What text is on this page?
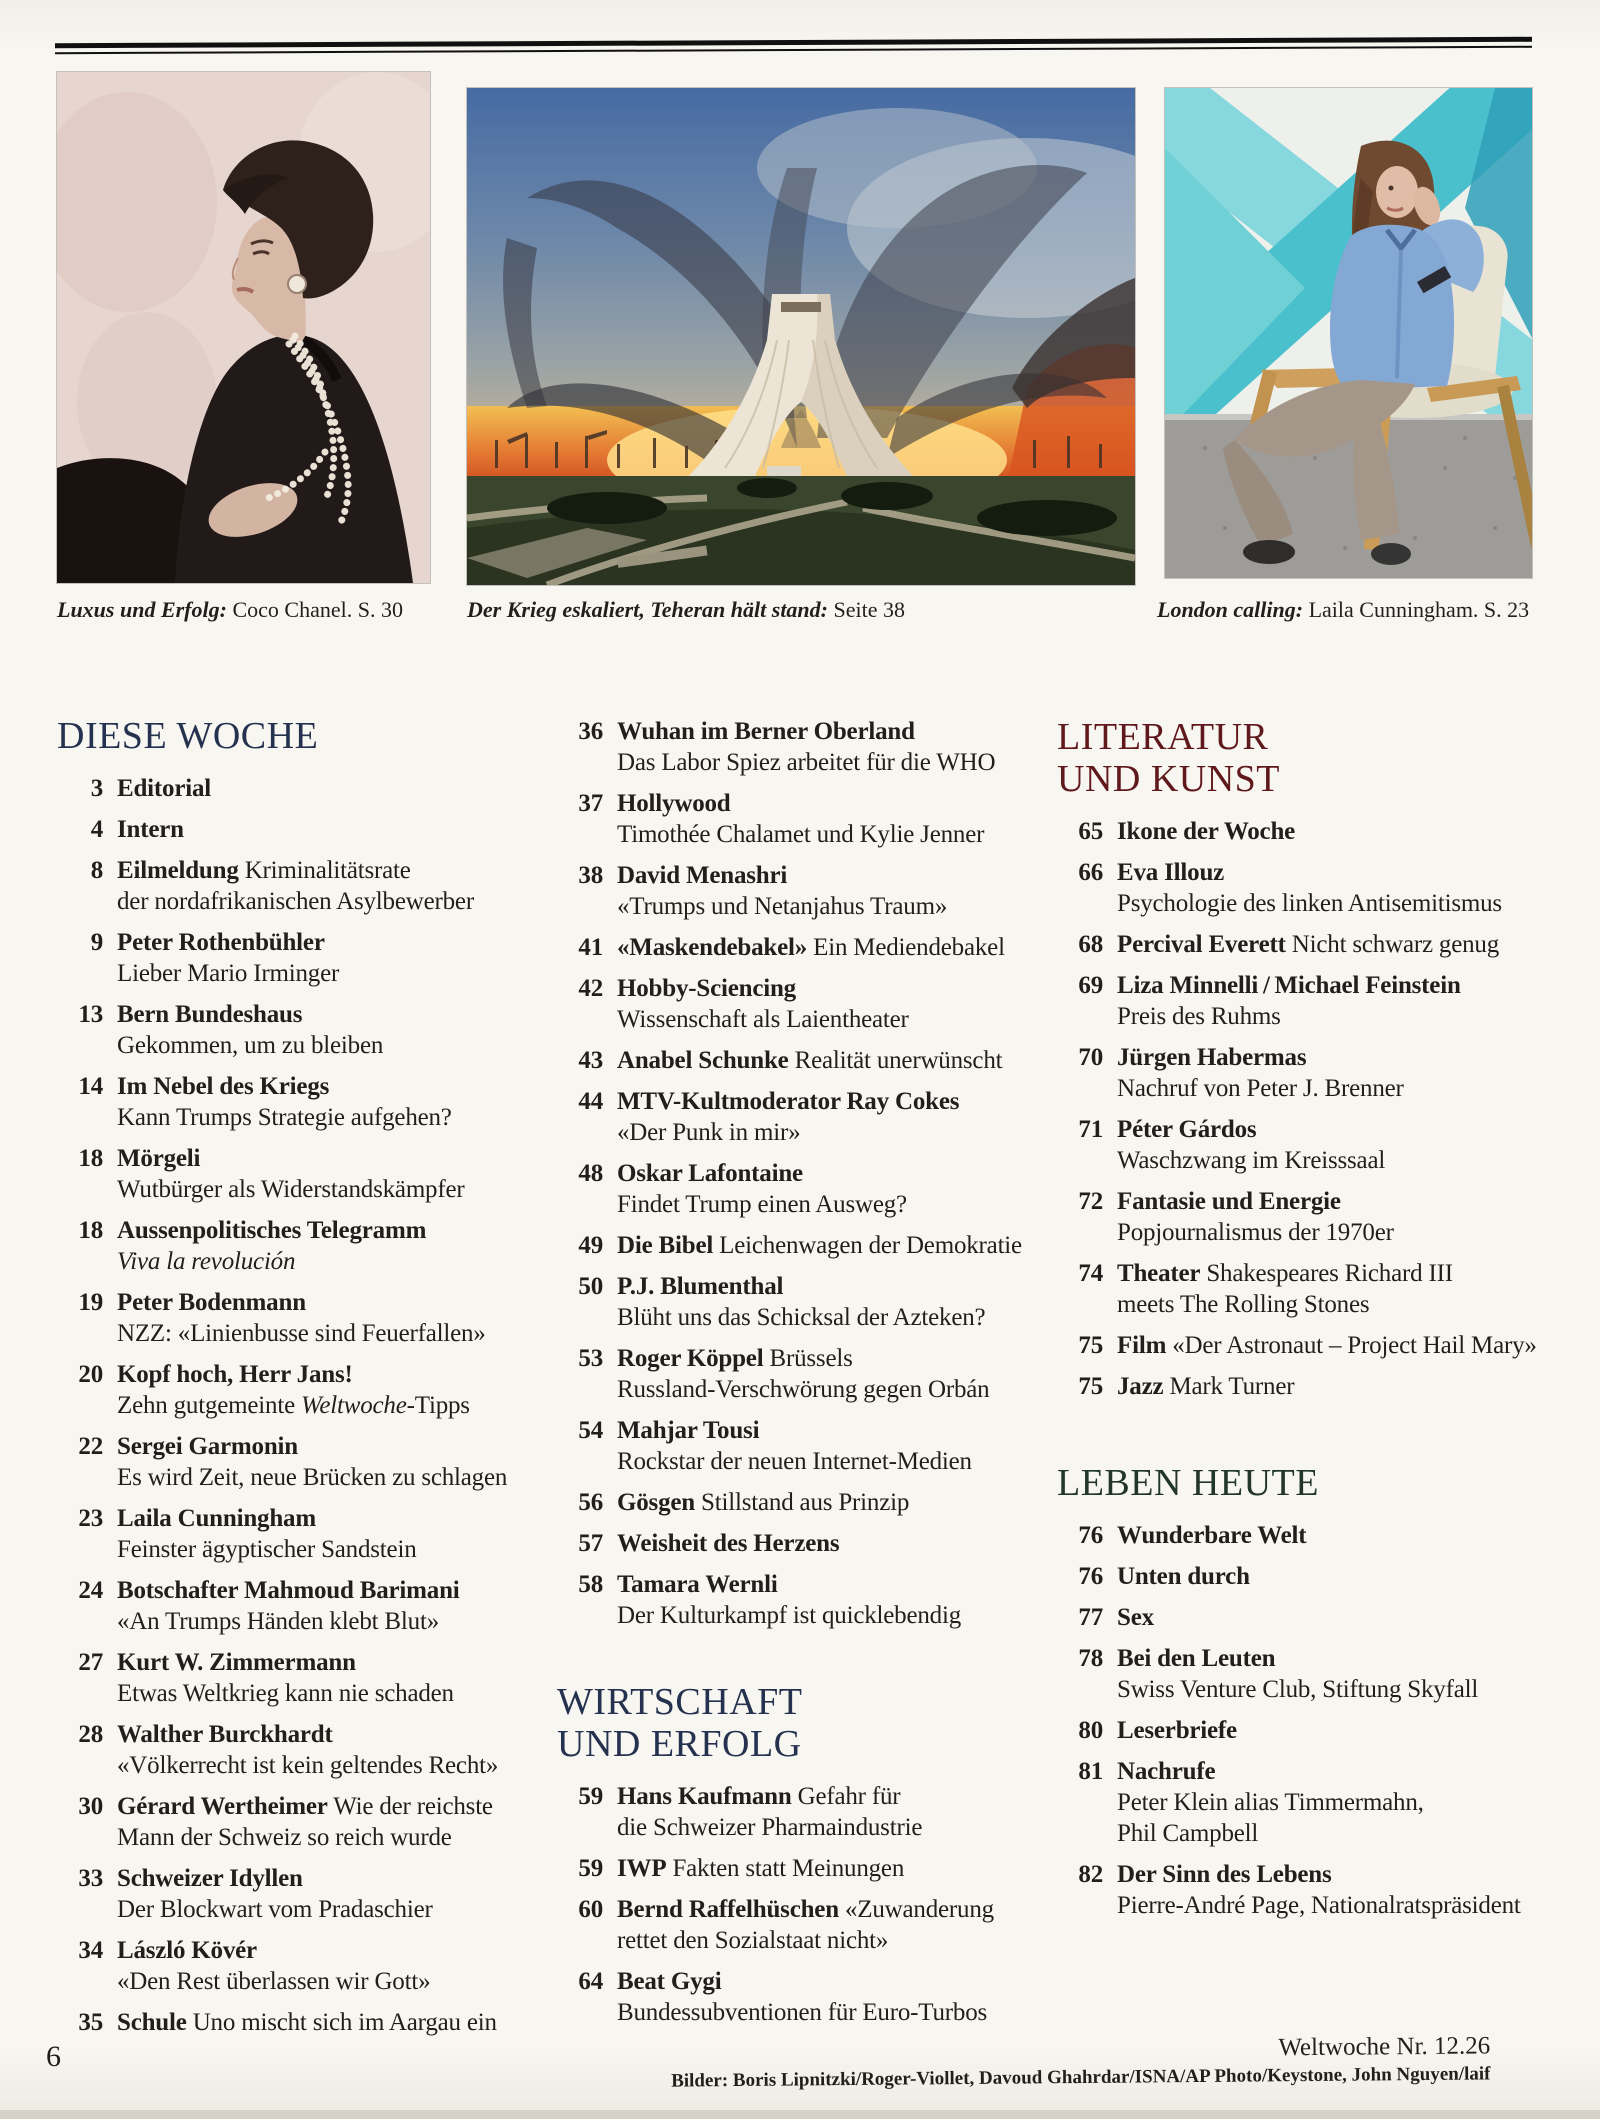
Luxus und Erfolg: Coco Chanel. S. 30	Der Krieg eskaliert, Teheran hält stand: Seite 38	London calling: Laila Cunningham. S. 23
DIESE WOCHE
3 Editorial
4 Intern
8 Eilmeldung Kriminalitätsrate
der nordafrikanischen Asylbewerber
9 Peter Rothenbühler
Lieber Mario Irminger
13 Bern Bundeshaus
Gekommen, um zu bleiben
14 Im Nebel des Kriegs
Kann Trumps Strategie aufgehen?
18 Mörgeli
Wutbürger als Widerstandskämpfer
18 Aussenpolitisches Telegramm
Viva la revolución
19 Peter Bodenmann
NZZ: «Linienbusse sind Feuerfallen»
20 Kopf hoch, Herr Jans!
Zehn gutgemeinte Weltwoche-Tipps
22 Sergei Garmonin
Es wird Zeit, neue Brücken zu schlagen
23 Laila Cunningham
Feinster ägyptischer Sandstein
24 Botschafter Mahmoud Barimani
«An Trumps Händen klebt Blut»
27 Kurt W. Zimmermann
Etwas Weltkrieg kann nie schaden
28 Walther Burckhardt
«Völkerrecht ist kein geltendes Recht»
30 Gérard Wertheimer Wie der reichste
Mann der Schweiz so reich wurde
33 Schweizer Idyllen
Der Blockwart vom Pradaschier
34 László Kövér
«Den Rest überlassen wir Gott»
35 Schule Uno mischt sich im Aargau ein
36 Wuhan im Berner Oberland
Das Labor Spiez arbeitet für die WHO
37 Hollywood
Timothée Chalamet und Kylie Jenner
38 David Menashri
«Trumps und Netanjahus Traum»
41 «Maskendebakel» Ein Mediendebakel
42 Hobby-Sciencing
Wissenschaft als Laientheater
43 Anabel Schunke Realität unerwünscht
44 MTV-Kultmoderator Ray Cokes
«Der Punk in mir»
48 Oskar Lafontaine
Findet Trump einen Ausweg?
49 Die Bibel Leichenwagen der Demokratie
50 P.J. Blumenthal
Blüht uns das Schicksal der Azteken?
53 Roger Köppel Brüssels
Russland-Verschwörung gegen Orbán
54 Mahjar Tousi
Rockstar der neuen Internet-Medien
56 Gösgen Stillstand aus Prinzip
57 Weisheit des Herzens
58 Tamara Wernli
Der Kulturkampf ist quicklebendig
WIRTSCHAFT
UND ERFOLG
59 Hans Kaufmann Gefahr für
die Schweizer Pharmaindustrie
59 IWP Fakten statt Meinungen
60 Bernd Raffelhüschen «Zuwanderung
rettet den Sozialstaat nicht»
64 Beat Gygi
Bundessubventionen für Euro-Turbos
LITERATUR
UND KUNST
65 Ikone der Woche
66 Eva Illouz
Psychologie des linken Antisemitismus
68 Percival Everett Nicht schwarz genug
69 Liza Minnelli / Michael Feinstein
Preis des Ruhms
70 Jürgen Habermas
Nachruf von Peter J. Brenner
71 Péter Gárdos
Waschzwang im Kreisssaal
72 Fantasie und Energie
Popjournalismus der 1970er
74 Theater Shakespeares Richard III
meets The Rolling Stones
75 Film «Der Astronaut – Project Hail Mary»
75 Jazz Mark Turner
LEBEN HEUTE
76 Wunderbare Welt
76 Unten durch
77 Sex
78 Bei den Leuten
Swiss Venture Club, Stiftung Skyfall
80 Leserbriefe
81 Nachrufe
Peter Klein alias Timmermahn,
Phil Campbell
82 Der Sinn des Lebens
Pierre-André Page, Nationalratspräsident
6	Weltwoche Nr. 12.26
Bilder: Boris Lipnitzki/Roger-Viollet, Davoud Ghahrdar/ISNA/AP Photo/Keystone, John Nguyen/laif
